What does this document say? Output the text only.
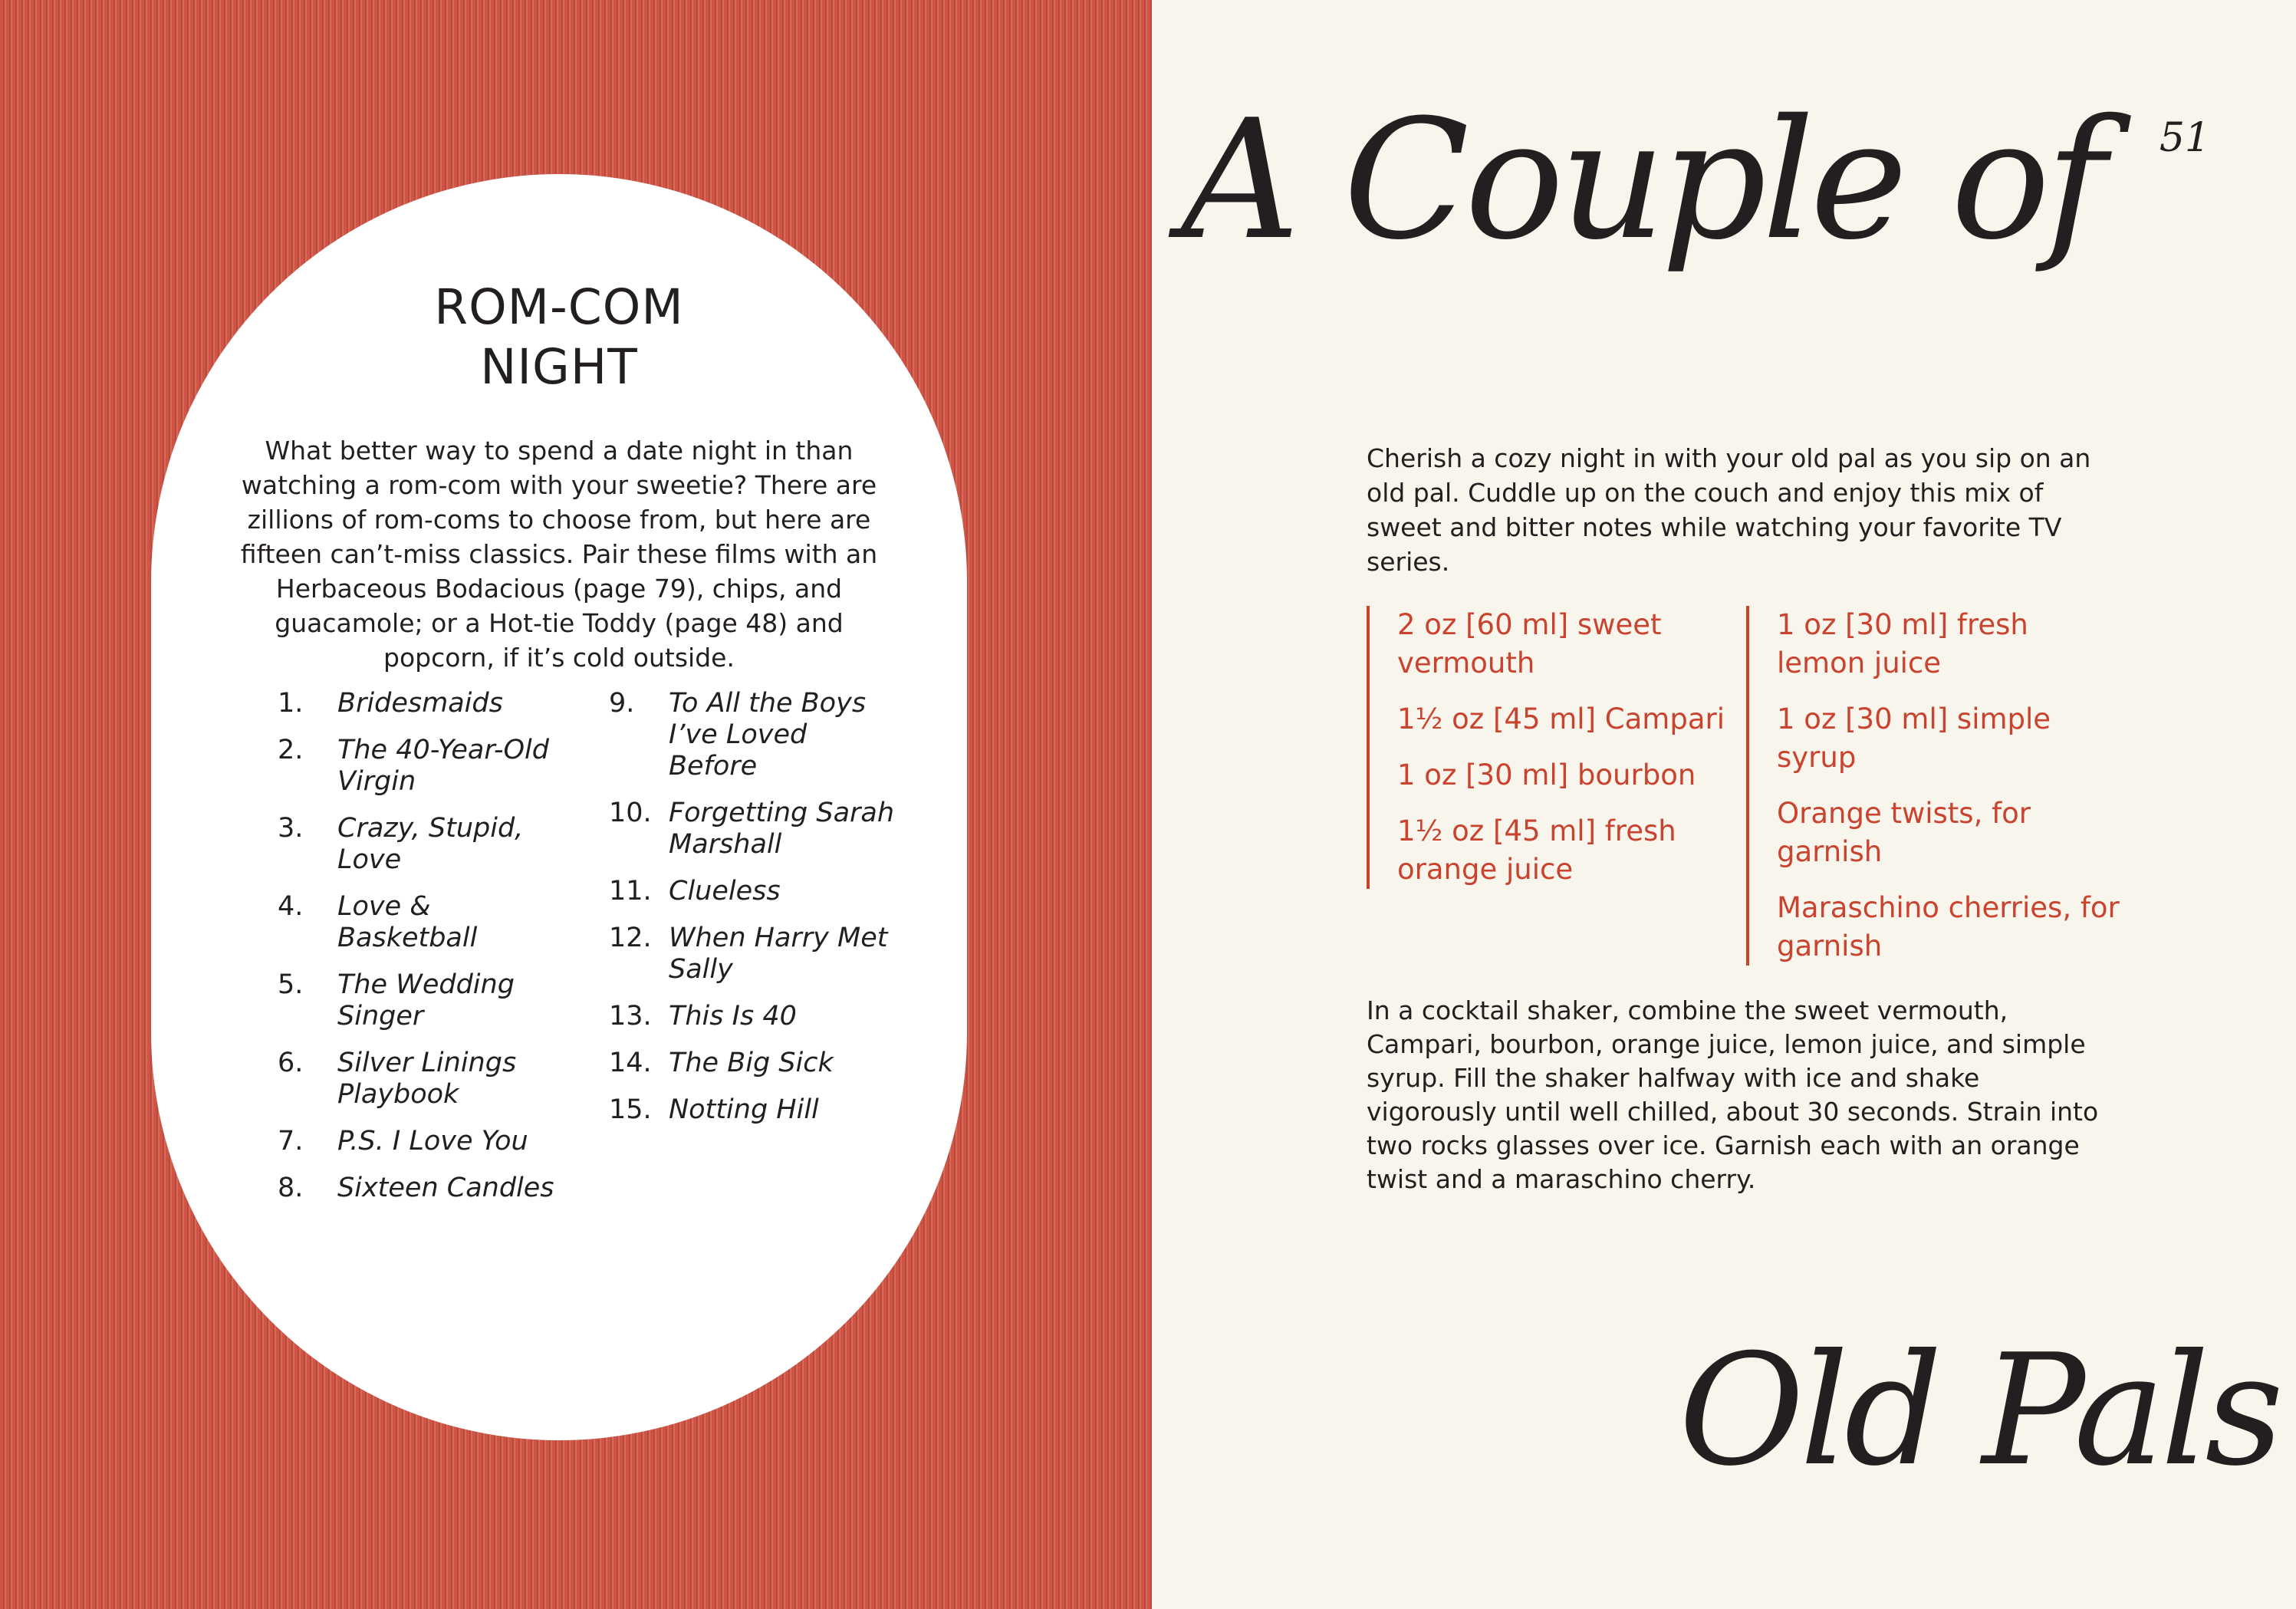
ROM-COM
NIGHT
What better way to spend a date night in than watching a rom-com with your sweetie? There are zillions of rom-coms to choose from, but here are fifteen can’t-miss classics. Pair these films with an Herbaceous Bodacious (page 79), chips, and guacamole; or a Hot-tie Toddy (page 48) and popcorn, if it’s cold outside.
1.	Bridesmaids
2.	The 40-Year-Old Virgin
3.	Crazy, Stupid, Love
4.	Love & Basketball
5.	The Wedding Singer
6.	Silver Linings Playbook
7.	P.S. I Love You
8.	Sixteen Candles
9.	To All the Boys I’ve Loved Before
10. Forgetting Sarah Marshall
11. Clueless
12. When Harry Met Sally
13. This Is 40
14. The Big Sick
15. Notting Hill
51
A Couple of
Cherish a cozy night in with your old pal as you sip on an old pal. Cuddle up on the couch and enjoy this mix of sweet and bitter notes while watching your favorite TV series.
2 oz [60 ml] sweet vermouth
1½ oz [45 ml] Campari
1 oz [30 ml] bourbon
1½ oz [45 ml] fresh orange juice
1 oz [30 ml] fresh lemon juice
1 oz [30 ml] simple syrup
Orange twists, for garnish
Maraschino cherries, for garnish
In a cocktail shaker, combine the sweet vermouth, Campari, bourbon, orange juice, lemon juice, and simple syrup. Fill the shaker halfway with ice and shake vigorously until well chilled, about 30 seconds. Strain into two rocks glasses over ice. Garnish each with an orange twist and a maraschino cherry.
Old Pals
